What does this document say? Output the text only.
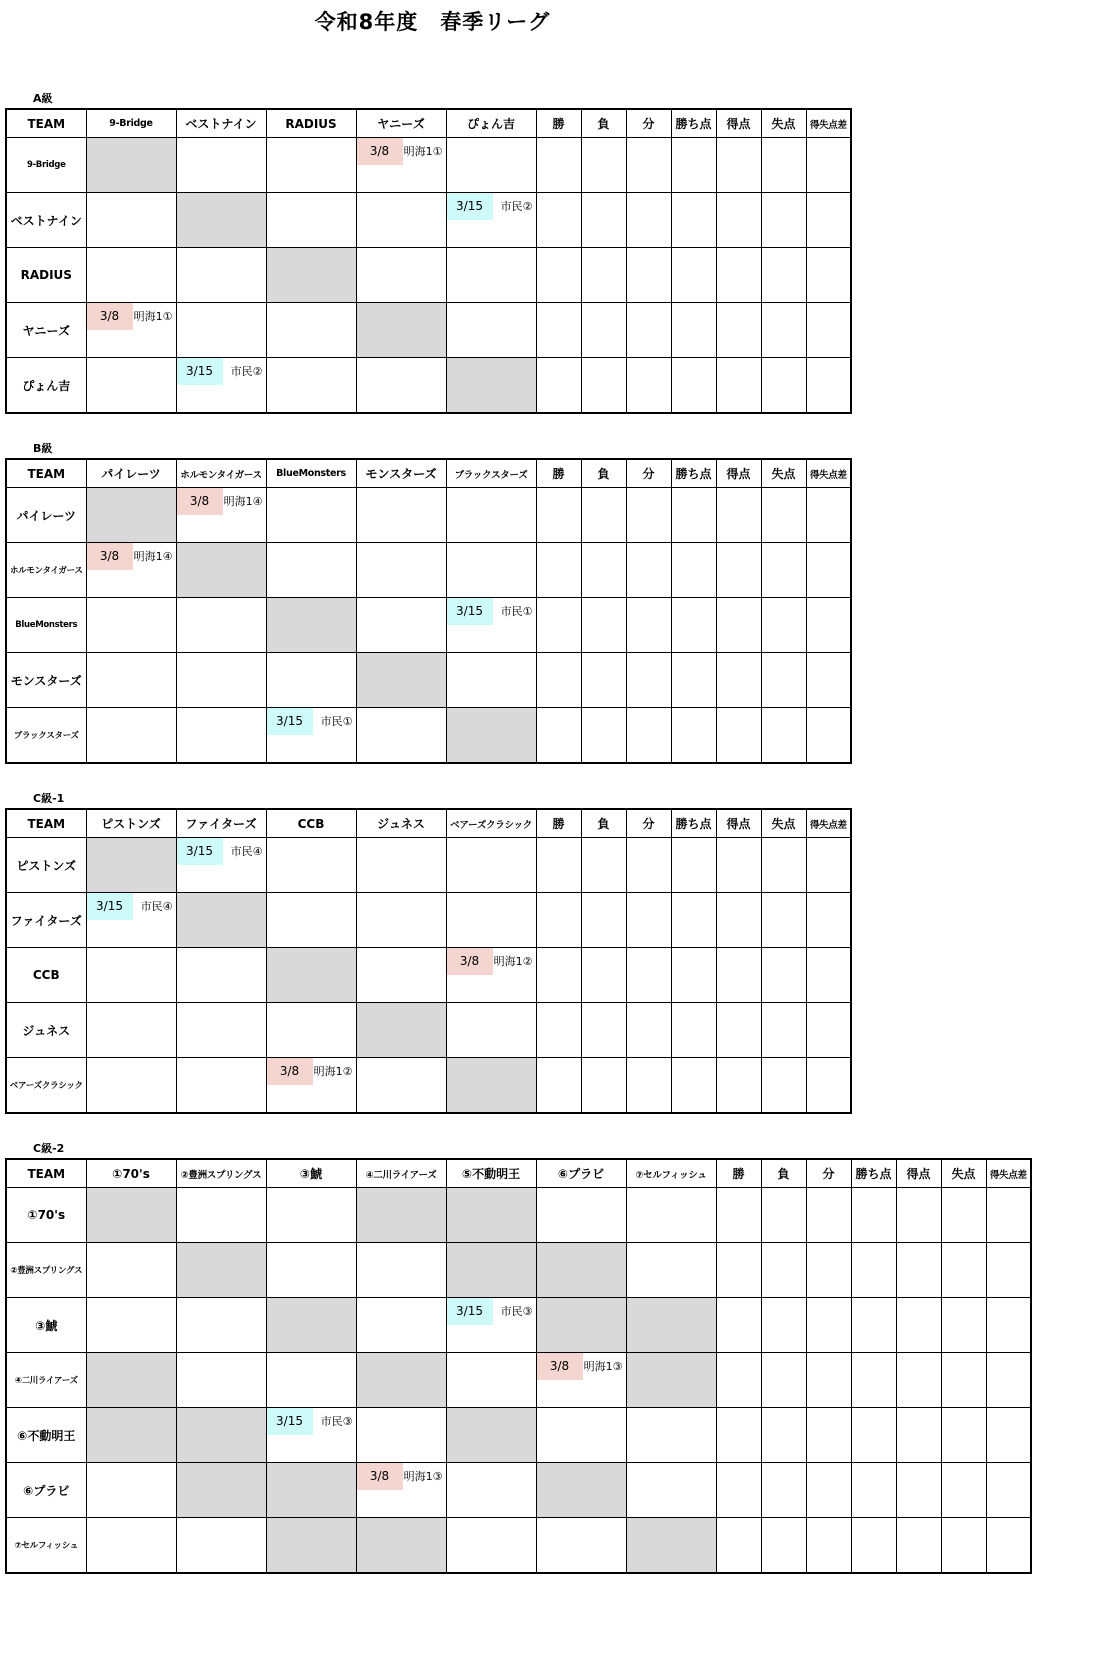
令和8年度　春季リーグ
TEAM	9-Bridge	ベストナイン	RADIUS	ヤニーズ	ぴょん吉	勝	負	分	勝ち点	得点	失点	得失点差
9-Bridge				3/8 明海1①								

ベストナイン					3/15 市民②							

RADIUS												
ヤニーズ	3/8 明海1①											

ぴょん吉		3/15 市民②										

TEAM	パイレーツ	ホルモンタイガース	BlueMonsters	モンスターズ	ブラックスターズ	勝	負	分	勝ち点	得点	失点	得失点差
パイレーツ		3/8 明海1④										

ホルモンタイガース	3/8 明海1④											

BlueMonsters					3/15 市民①							

モンスターズ												
ブラックスターズ			3/15 市民①									

TEAM	ピストンズ	ファイターズ	CCB	ジュネス	ベアーズクラシック	勝	負	分	勝ち点	得点	失点	得失点差
ピストンズ		3/15 市民④										

ファイターズ	3/15 市民④											

CCB					3/8 明海1②							

ジュネス												
ベアーズクラシック			3/8 明海1②									

TEAM	①70's	②豊洲スプリングス	③鯱	④二川ライアーズ	⑤不動明王	⑥プラビ	⑦セルフィッシュ	勝	負	分	勝ち点	得点	失点	得失点差
①70's														
②豊洲スプリングス														
③鯱					3/15 市民③									

④二川ライアーズ						3/8 明海1③								

⑥不動明王			3/15 市民③											

⑥プラビ				3/8 明海1③										

⑦セルフィッシュ														
A級
B級
C級-1
C級-2
